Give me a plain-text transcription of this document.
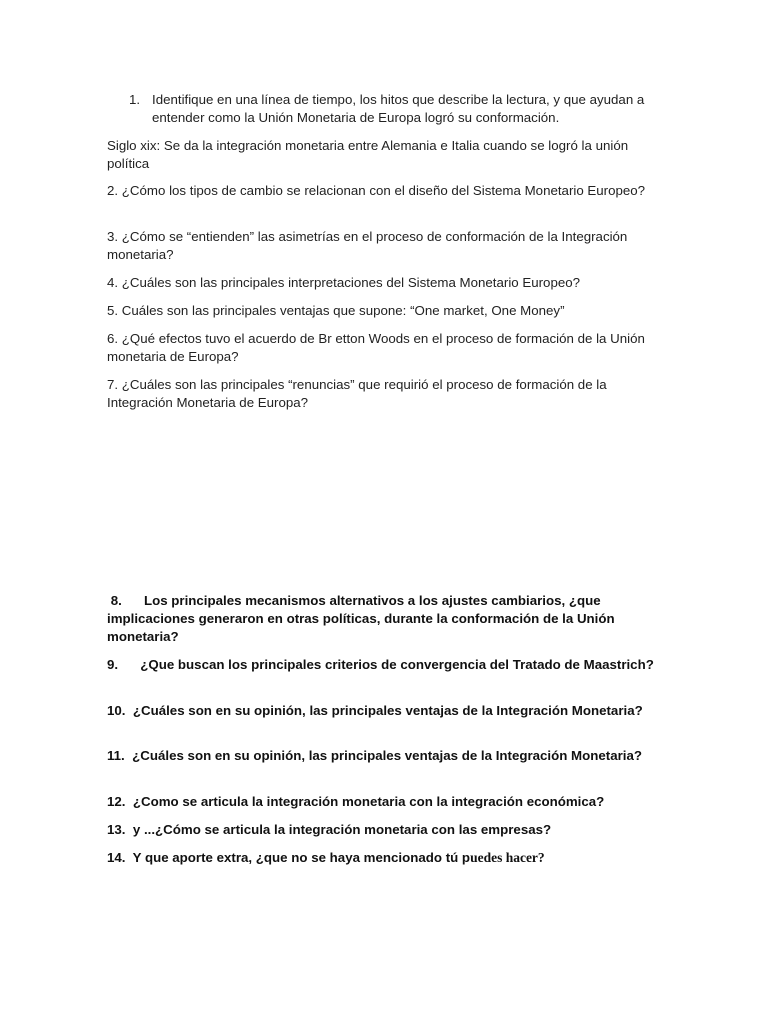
1. Identifique en una línea de tiempo, los hitos que describe la lectura, y que ayudan a entender como la Unión Monetaria de Europa logró su conformación.
Siglo xix: Se da la integración monetaria entre Alemania e Italia cuando se logró la unión política
2. ¿Cómo los tipos de cambio se relacionan con el diseño del Sistema Monetario Europeo?
3. ¿Cómo se “entienden” las asimetrías en el proceso de conformación de la Integración monetaria?
4. ¿Cuáles son las principales interpretaciones del Sistema Monetario Europeo?
5. Cuáles son las principales ventajas que supone: “One market, One Money”
6. ¿Qué efectos tuvo el acuerdo de Br etton Woods en el proceso de formación de la Unión monetaria de Europa?
7. ¿Cuáles son las principales “renuncias” que requirió el proceso de formación de la Integración Monetaria de Europa?
8.      Los principales mecanismos alternativos a los ajustes cambiarios, ¿que implicaciones generaron en otras políticas, durante la conformación de la Unión monetaria?
9.      ¿Que buscan los principales criterios de convergencia del Tratado de Maastrich?
10.  ¿Cuáles son en su opinión, las principales ventajas de la Integración Monetaria?
11.  ¿Cuáles son en su opinión, las principales ventajas de la Integración Monetaria?
12.  ¿Como se articula la integración monetaria con la integración económica?
13.  y ...¿Cómo se articula la integración monetaria con las empresas?
14.  Y que aporte extra, ¿que no se haya mencionado tú puedes hacer?
